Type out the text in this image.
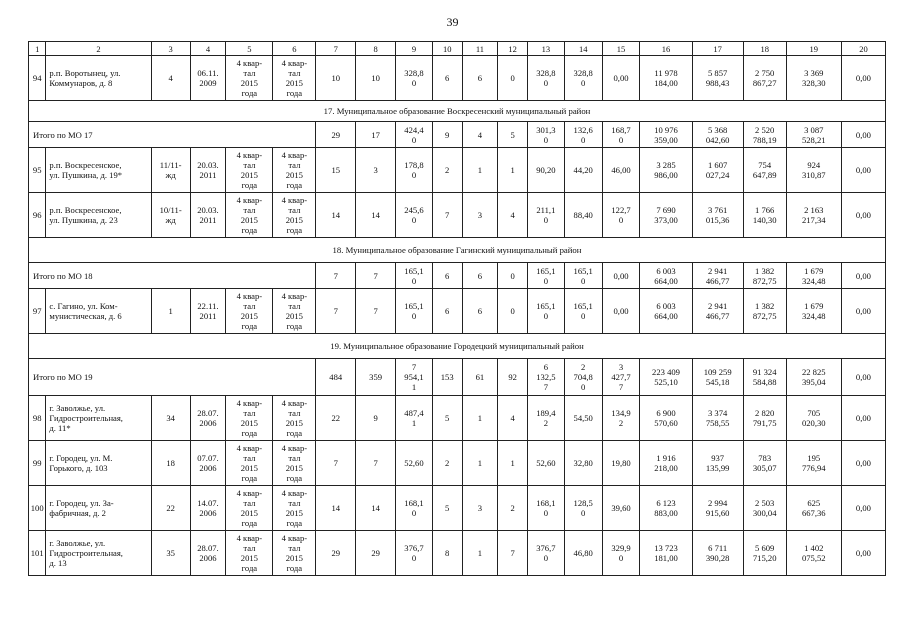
39
1	2	3	4	5	6	7	8	9	10	11	12	13	14	15	16	17	18	19	20
94	р.п. Воротынец, ул.
Коммунаров, д. 8	4	06.11.
2009	4 квар-
тал
2015
года	4 квар-
тал
2015
года	10	10	328,8
0	6	6	0	328,8
0	328,8
0	0,00	11 978
184,00	5 857
988,43	2 750
867,27	3 369
328,30	0,00
17. Муниципальное образование Воскресенский муниципальный район																			
Итого по МО 17						29	17	424,4
0	9	4	5	301,3
0	132,6
0	168,7
0	10 976
359,00	5 368
042,60	2 520
788,19	3 087
528,21	0,00
95	р.п. Воскресенское,
ул. Пушкина, д. 19*	11/11-
жд	20.03.
2011	4 квар-
тал
2015
года	4 квар-
тал
2015
года	15	3	178,8
0	2	1	1	90,20	44,20	46,00	3 285
986,00	1 607
027,24	754
647,89	924
310,87	0,00
96	р.п. Воскресенское,
ул. Пушкина, д. 23	10/11-
жд	20.03.
2011	4 квар-
тал
2015
года	4 квар-
тал
2015
года	14	14	245,6
0	7	3	4	211,1
0	88,40	122,7
0	7 690
373,00	3 761
015,36	1 766
140,30	2 163
217,34	0,00
18. Муниципальное образование Гагинский муниципальный район																			
Итого по МО 18						7	7	165,1
0	6	6	0	165,1
0	165,1
0	0,00	6 003
664,00	2 941
466,77	1 382
872,75	1 679
324,48	0,00
97	с. Гагино, ул. Ком-
мунистическая, д. 6	1	22.11.
2011	4 квар-
тал
2015
года	4 квар-
тал
2015
года	7	7	165,1
0	6	6	0	165,1
0	165,1
0	0,00	6 003
664,00	2 941
466,77	1 382
872,75	1 679
324,48	0,00
19. Муниципальное образование Городецкий муниципальный район																			
Итого по МО 19						484	359	7
954,1
1	153	61	92	6
132,5
7	2
704,8
0	3
427,7
7	223 409
525,10	109 259
545,18	91 324
584,88	22 825
395,04	0,00
98	г. Заволжье, ул.
Гидростроительная,
д. 11*	34	28.07.
2006	4 квар-
тал
2015
года	4 квар-
тал
2015
года	22	9	487,4
1	5	1	4	189,4
2	54,50	134,9
2	6 900
570,60	3 374
758,55	2 820
791,75	705
020,30	0,00
99	г. Городец, ул. М.
Горького, д. 103	18	07.07.
2006	4 квар-
тал
2015
года	4 квар-
тал
2015
года	7	7	52,60	2	1	1	52,60	32,80	19,80	1 916
218,00	937
135,99	783
305,07	195
776,94	0,00
100	г. Городец, ул. За-
фабричная, д. 2	22	14.07.
2006	4 квар-
тал
2015
года	4 квар-
тал
2015
года	14	14	168,1
0	5	3	2	168,1
0	128,5
0	39,60	6 123
883,00	2 994
915,60	2 503
300,04	625
667,36	0,00
101	г. Заволжье, ул.
Гидростроительная,
д. 13	35	28.07.
2006	4 квар-
тал
2015
года	4 квар-
тал
2015
года	29	29	376,7
0	8	1	7	376,7
0	46,80	329,9
0	13 723
181,00	6 711
390,28	5 609
715,20	1 402
075,52	0,00
